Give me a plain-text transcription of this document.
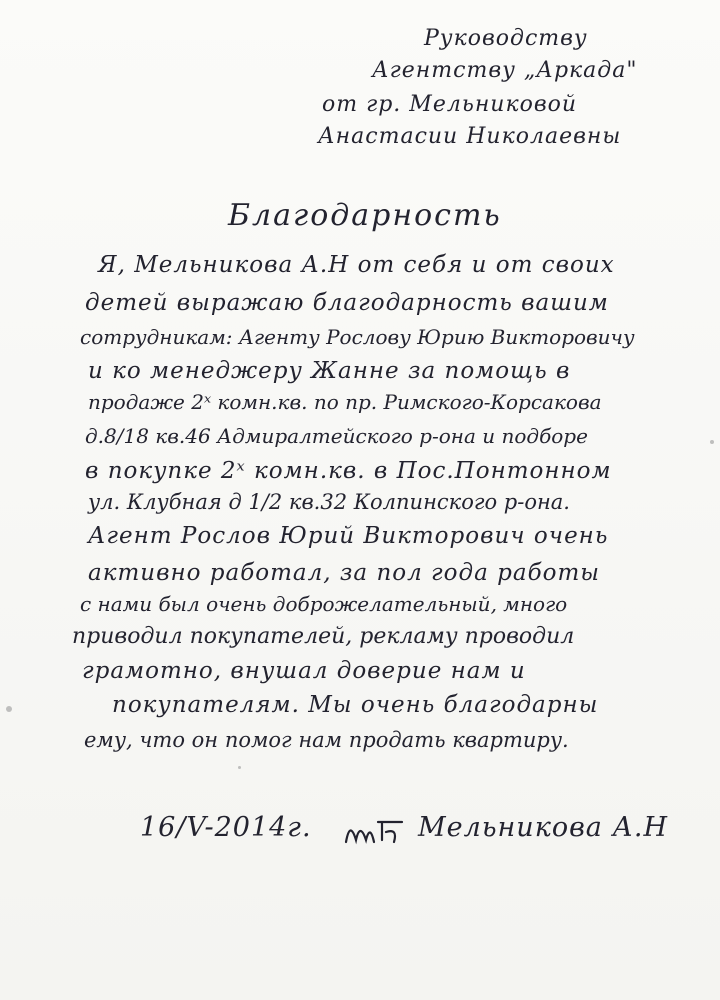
Руководству
Агентству „Аркада"
от гр. Мельниковой
Анастасии Николаевны
Благодарность
Я, Мельникова А.Н от себя и от своих
детей выражаю благодарность вашим
сотрудникам: Агенту Рослову Юрию Викторовичу
и ко менеджеру Жанне за помощь в
продаже 2ˣ комн.кв. по пр. Римского-Корсакова
д.8/18 кв.46 Адмиралтейского р-она и подборе
в покупке 2ˣ комн.кв. в Пос.Понтонном
ул. Клубная д 1/2 кв.32 Колпинского р-она.
Агент Рослов Юрий Викторович очень
активно работал, за пол года работы
с нами был очень доброжелательный, много
приводил покупателей, рекламу проводил
грамотно, внушал доверие нам и
покупателям. Мы очень благодарны
ему, что он помог нам продать квартиру.
16/V-2014г.	Мельникова А.Н
